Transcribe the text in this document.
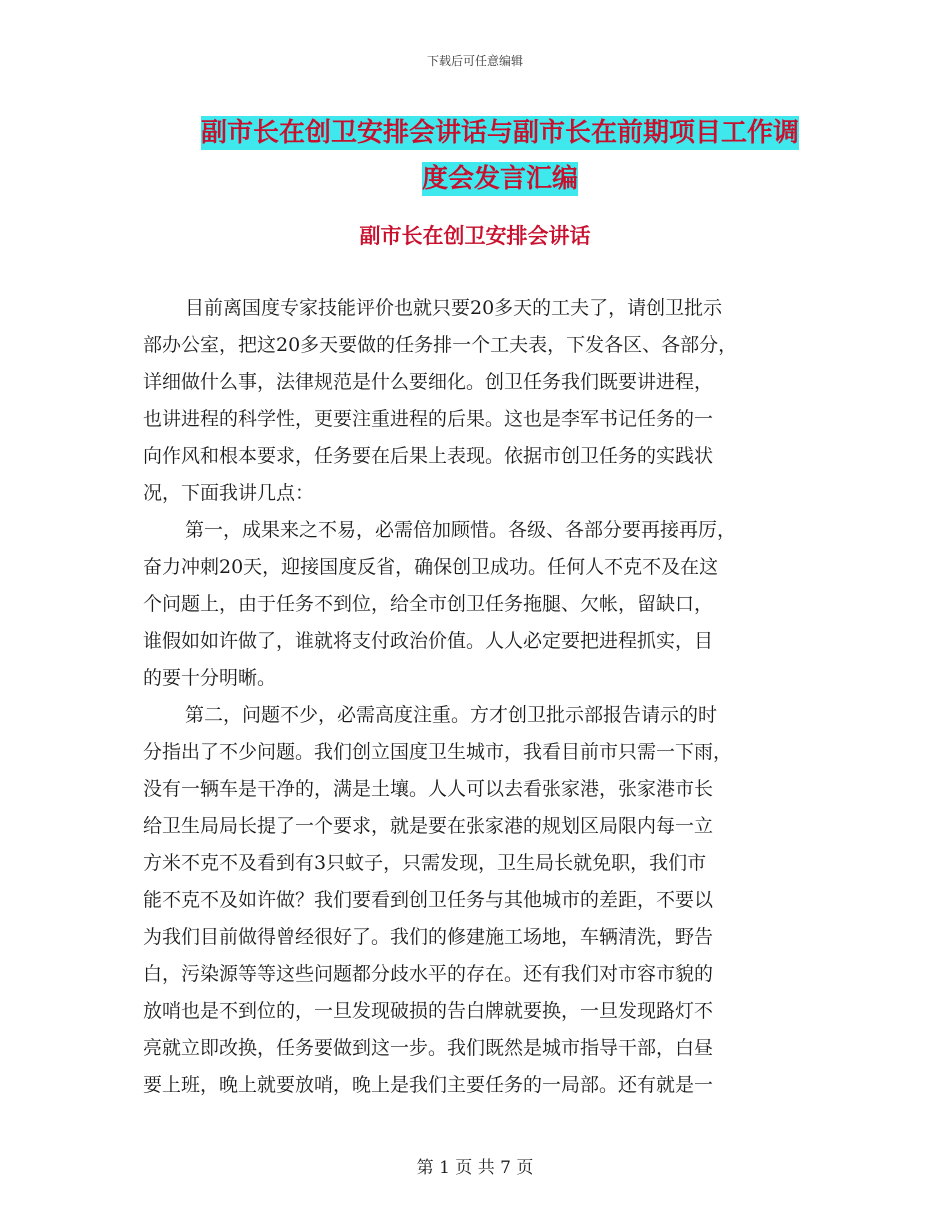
下载后可任意编辑
副市长在创卫安排会讲话与副市长在前期项目工作调
度会发言汇编
副市长在创卫安排会讲话
目前离国度专家技能评价也就只要20多天的工夫了，请创卫批示
部办公室，把这20多天要做的任务排一个工夫表，下发各区、各部分，
详细做什么事，法律规范是什么要细化。创卫任务我们既要讲进程，
也讲进程的科学性，更要注重进程的后果。这也是李军书记任务的一
向作风和根本要求，任务要在后果上表现。依据市创卫任务的实践状
况，下面我讲几点：
第一，成果来之不易，必需倍加顾惜。各级、各部分要再接再厉，
奋力冲刺20天，迎接国度反省，确保创卫成功。任何人不克不及在这
个问题上，由于任务不到位，给全市创卫任务拖腿、欠帐，留缺口，
谁假如如许做了，谁就将支付政治价值。人人必定要把进程抓实，目
的要十分明晰。
第二，问题不少，必需高度注重。方才创卫批示部报告请示的时
分指出了不少问题。我们创立国度卫生城市，我看目前市只需一下雨，
没有一辆车是干净的，满是土壤。人人可以去看张家港，张家港市长
给卫生局局长提了一个要求，就是要在张家港的规划区局限内每一立
方米不克不及看到有3只蚊子，只需发现，卫生局长就免职，我们市
能不克不及如许做？我们要看到创卫任务与其他城市的差距，不要以
为我们目前做得曾经很好了。我们的修建施工场地，车辆清洗，野告
白，污染源等等这些问题都分歧水平的存在。还有我们对市容市貌的
放哨也是不到位的，一旦发现破损的告白牌就要换，一旦发现路灯不
亮就立即改换，任务要做到这一步。我们既然是城市指导干部，白昼
要上班，晚上就要放哨，晚上是我们主要任务的一局部。还有就是一
第 1 页 共 7 页
